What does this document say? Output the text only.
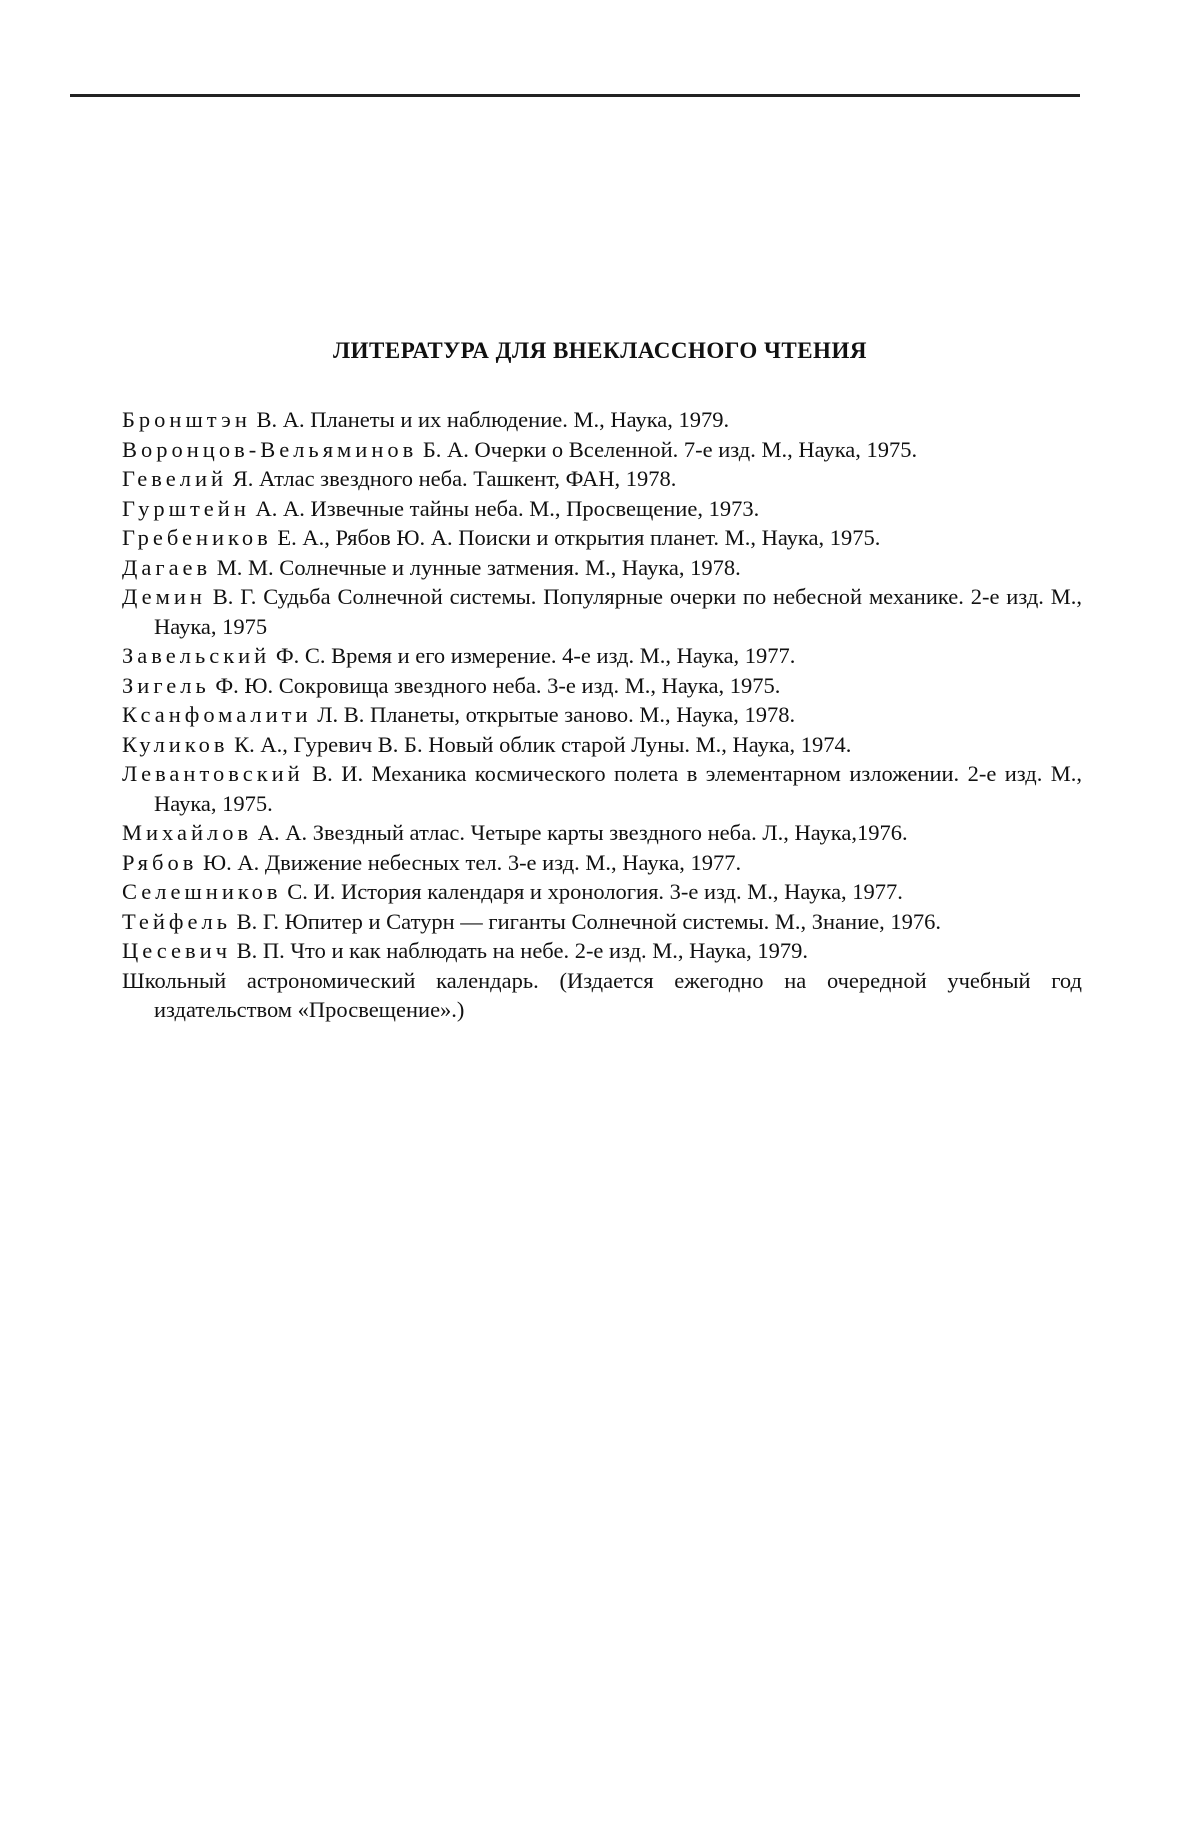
ЛИТЕРАТУРА ДЛЯ ВНЕКЛАССНОГО ЧТЕНИЯ
Бронштэн В. А. Планеты и их наблюдение. М., Наука, 1979.
Воронцов-Вельяминов Б. А. Очерки о Вселенной. 7-е изд. М., Наука, 1975.
Гевелий Я. Атлас звездного неба. Ташкент, ФАН, 1978.
Гурштейн А. А. Извечные тайны неба. М., Просвещение, 1973.
Гребеников Е. А., Рябов Ю. А. Поиски и открытия планет. М., Наука, 1975.
Дагаев М. М. Солнечные и лунные затмения. М., Наука, 1978.
Демин В. Г. Судьба Солнечной системы. Популярные очерки по небесной механике. 2-е изд. М., Наука, 1975
Завельский Ф. С. Время и его измерение. 4-е изд. М., Наука, 1977.
Зигель Ф. Ю. Сокровища звездного неба. 3-е изд. М., Наука, 1975.
Ксанфомалити Л. В. Планеты, открытые заново. М., Наука, 1978.
Куликов К. А., Гуревич В. Б. Новый облик старой Луны. М., Наука, 1974.
Левантовский В. И. Механика космического полета в элементарном изложении. 2-е изд. М., Наука, 1975.
Михайлов А. А. Звездный атлас. Четыре карты звездного неба. Л., Наука,1976.
Рябов Ю. А. Движение небесных тел. 3-е изд. М., Наука, 1977.
Селешников С. И. История календаря и хронология. 3-е изд. М., Наука, 1977.
Тейфель В. Г. Юпитер и Сатурн — гиганты Солнечной системы. М., Знание, 1976.
Цесевич В. П. Что и как наблюдать на небе. 2-е изд. М., Наука, 1979.
Школьный астрономический календарь. (Издается ежегодно на очередной учебный год издательством «Просвещение».)
